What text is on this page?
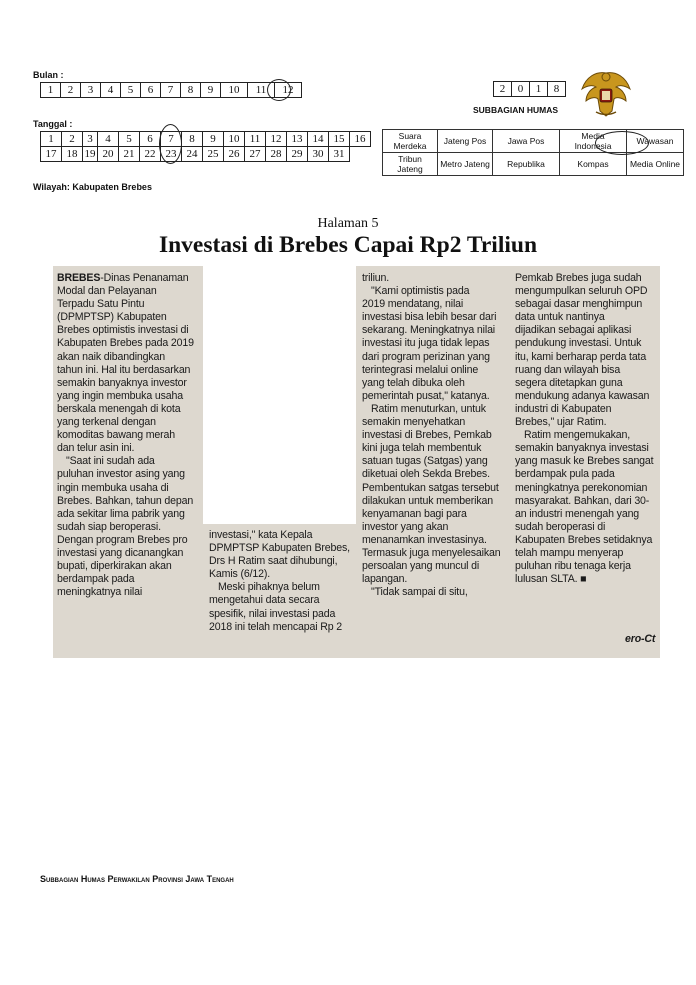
Bulan :
Tanggal :
1	2	3	4	5	6	7	8	9	10	11	12
1	2	3	4	5	6	7	8	9	10	11	12	13	14	15	16
17	18	19	20	21	22	23	24	25	26	27	28	29	30	31	
Wilayah: Kabupaten Brebes
2	0	1	8
SUBBAGIAN HUMAS
Suara Merdeka	Jateng Pos	Jawa Pos	Media Indonesia	Wawasan
Tribun Jateng	Metro Jateng	Republika	Kompas	Media Online
Halaman 5
Investasi di Brebes Capai Rp2 Triliun
BREBES-Dinas Penanaman
Modal dan Pelayanan
Terpadu Satu Pintu
(DPMPTSP) Kabupaten
Brebes optimistis investasi di
Kabupaten Brebes pada 2019
akan naik dibandingkan
tahun ini. Hal itu berdasarkan
semakin banyaknya investor
yang ingin membuka usaha
berskala menengah di kota
yang terkenal dengan
komoditas bawang merah
dan telur asin ini.
"Saat ini sudah ada
puluhan investor asing yang
ingin membuka usaha di
Brebes. Bahkan, tahun depan
ada sekitar lima pabrik yang
sudah siap beroperasi.
Dengan program Brebes pro
investasi yang dicanangkan
bupati, diperkirakan akan
berdampak pada
meningkatnya nilai
investasi," kata Kepala
DPMPTSP Kabupaten Brebes,
Drs H Ratim saat dihubungi,
Kamis (6/12).
Meski pihaknya belum
mengetahui data secara
spesifik, nilai investasi pada
2018 ini telah mencapai Rp 2
triliun.
"Kami optimistis pada
2019 mendatang, nilai
investasi bisa lebih besar dari
sekarang. Meningkatnya nilai
investasi itu juga tidak lepas
dari program perizinan yang
terintegrasi melalui online
yang telah dibuka oleh
pemerintah pusat," katanya.
Ratim menuturkan, untuk
semakin menyehatkan
investasi di Brebes, Pemkab
kini juga telah membentuk
satuan tugas (Satgas) yang
diketuai oleh Sekda Brebes.
Pembentukan satgas tersebut
dilakukan untuk memberikan
kenyamanan bagi para
investor yang akan
menanamkan investasinya.
Termasuk juga menyelesaikan
persoalan yang muncul di
lapangan.
"Tidak sampai di situ,
Pemkab Brebes juga sudah
mengumpulkan seluruh OPD
sebagai dasar menghimpun
data untuk nantinya
dijadikan sebagai aplikasi
pendukung investasi. Untuk
itu, kami berharap perda tata
ruang dan wilayah bisa
segera ditetapkan guna
mendukung adanya kawasan
industri di Kabupaten
Brebes," ujar Ratim.
Ratim mengemukakan,
semakin banyaknya investasi
yang masuk ke Brebes sangat
berdampak pula pada
meningkatnya perekonomian
masyarakat. Bahkan, dari 30-
an industri menengah yang
sudah beroperasi di
Kabupaten Brebes setidaknya
telah mampu menyerap
puluhan ribu tenaga kerja
lulusan SLTA. ■
ero-Ct
Subbagian Humas Perwakilan Provinsi Jawa Tengah
